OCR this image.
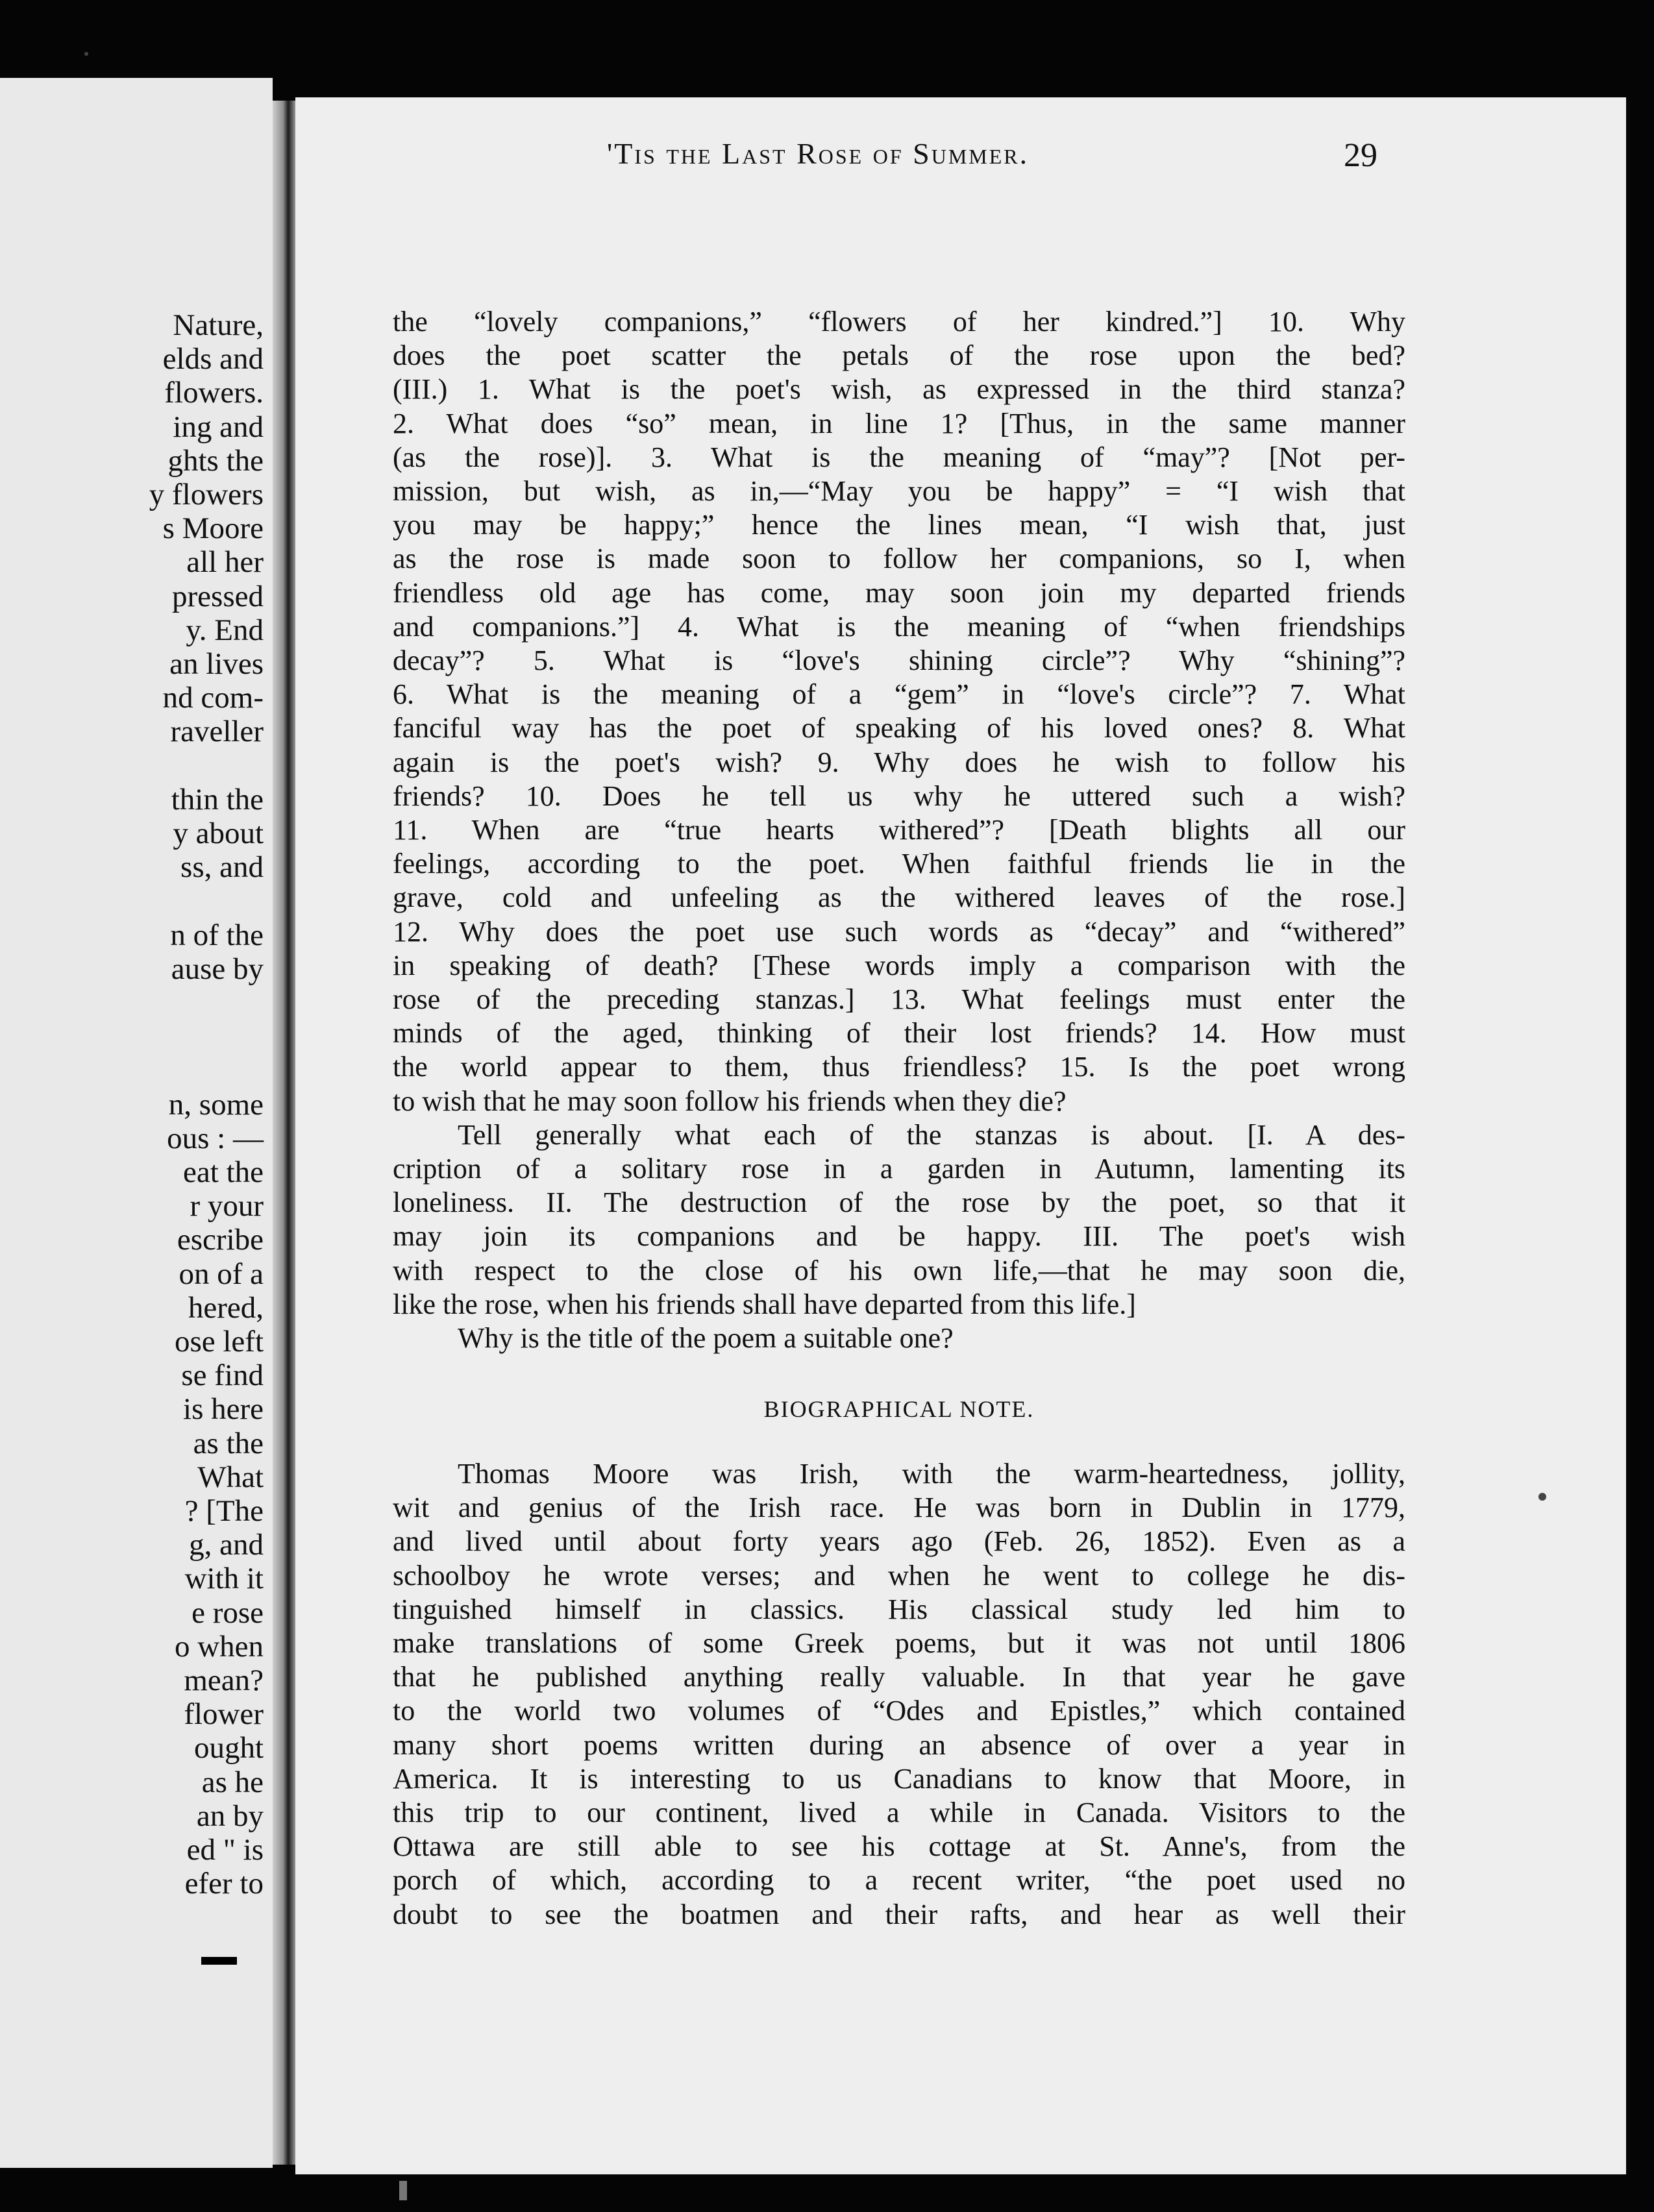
Nature,
elds and
flowers.
ing and
ghts the
y flowers
s Moore
all her
pressed
y. End
an lives
nd com-
raveller
thin the
y about
ss, and
n of the
ause by
n, some
ous : —
eat the
r your
escribe
on of a
hered,
ose left
se find
is here
as the
What
? [The
g, and
with it
e rose
o when
mean?
flower
ought
as he
an by
ed " is
efer to
'Tis the Last Rose of Summer.	29
the “lovely companions,” “flowers of her kindred.”] 10. Why
does the poet scatter the petals of the rose upon the bed?
(III.) 1. What is the poet's wish, as expressed in the third stanza?
2. What does “so” mean, in line 1? [Thus, in the same manner
(as the rose)]. 3. What is the meaning of “may”? [Not per-
mission, but wish, as in,—“May you be happy” = “I wish that
you may be happy;” hence the lines mean, “I wish that, just
as the rose is made soon to follow her companions, so I, when
friendless old age has come, may soon join my departed friends
and companions.”] 4. What is the meaning of “when friendships
decay”? 5. What is “love's shining circle”? Why “shining”?
6. What is the meaning of a “gem” in “love's circle”? 7. What
fanciful way has the poet of speaking of his loved ones? 8. What
again is the poet's wish? 9. Why does he wish to follow his
friends? 10. Does he tell us why he uttered such a wish?
11. When are “true hearts withered”? [Death blights all our
feelings, according to the poet. When faithful friends lie in the
grave, cold and unfeeling as the withered leaves of the rose.]
12. Why does the poet use such words as “decay” and “withered”
in speaking of death? [These words imply a comparison with the
rose of the preceding stanzas.] 13. What feelings must enter the
minds of the aged, thinking of their lost friends? 14. How must
the world appear to them, thus friendless? 15. Is the poet wrong
to wish that he may soon follow his friends when they die?
Tell generally what each of the stanzas is about. [I. A des-
cription of a solitary rose in a garden in Autumn, lamenting its
loneliness. II. The destruction of the rose by the poet, so that it
may join its companions and be happy. III. The poet's wish
with respect to the close of his own life,—that he may soon die,
like the rose, when his friends shall have departed from this life.]
Why is the title of the poem a suitable one?
BIOGRAPHICAL NOTE.
Thomas Moore was Irish, with the warm-heartedness, jollity,
wit and genius of the Irish race. He was born in Dublin in 1779,
and lived until about forty years ago (Feb. 26, 1852). Even as a
schoolboy he wrote verses; and when he went to college he dis-
tinguished himself in classics. His classical study led him to
make translations of some Greek poems, but it was not until 1806
that he published anything really valuable. In that year he gave
to the world two volumes of “Odes and Epistles,” which contained
many short poems written during an absence of over a year in
America. It is interesting to us Canadians to know that Moore, in
this trip to our continent, lived a while in Canada. Visitors to the
Ottawa are still able to see his cottage at St. Anne's, from the
porch of which, according to a recent writer, “the poet used no
doubt to see the boatmen and their rafts, and hear as well their
